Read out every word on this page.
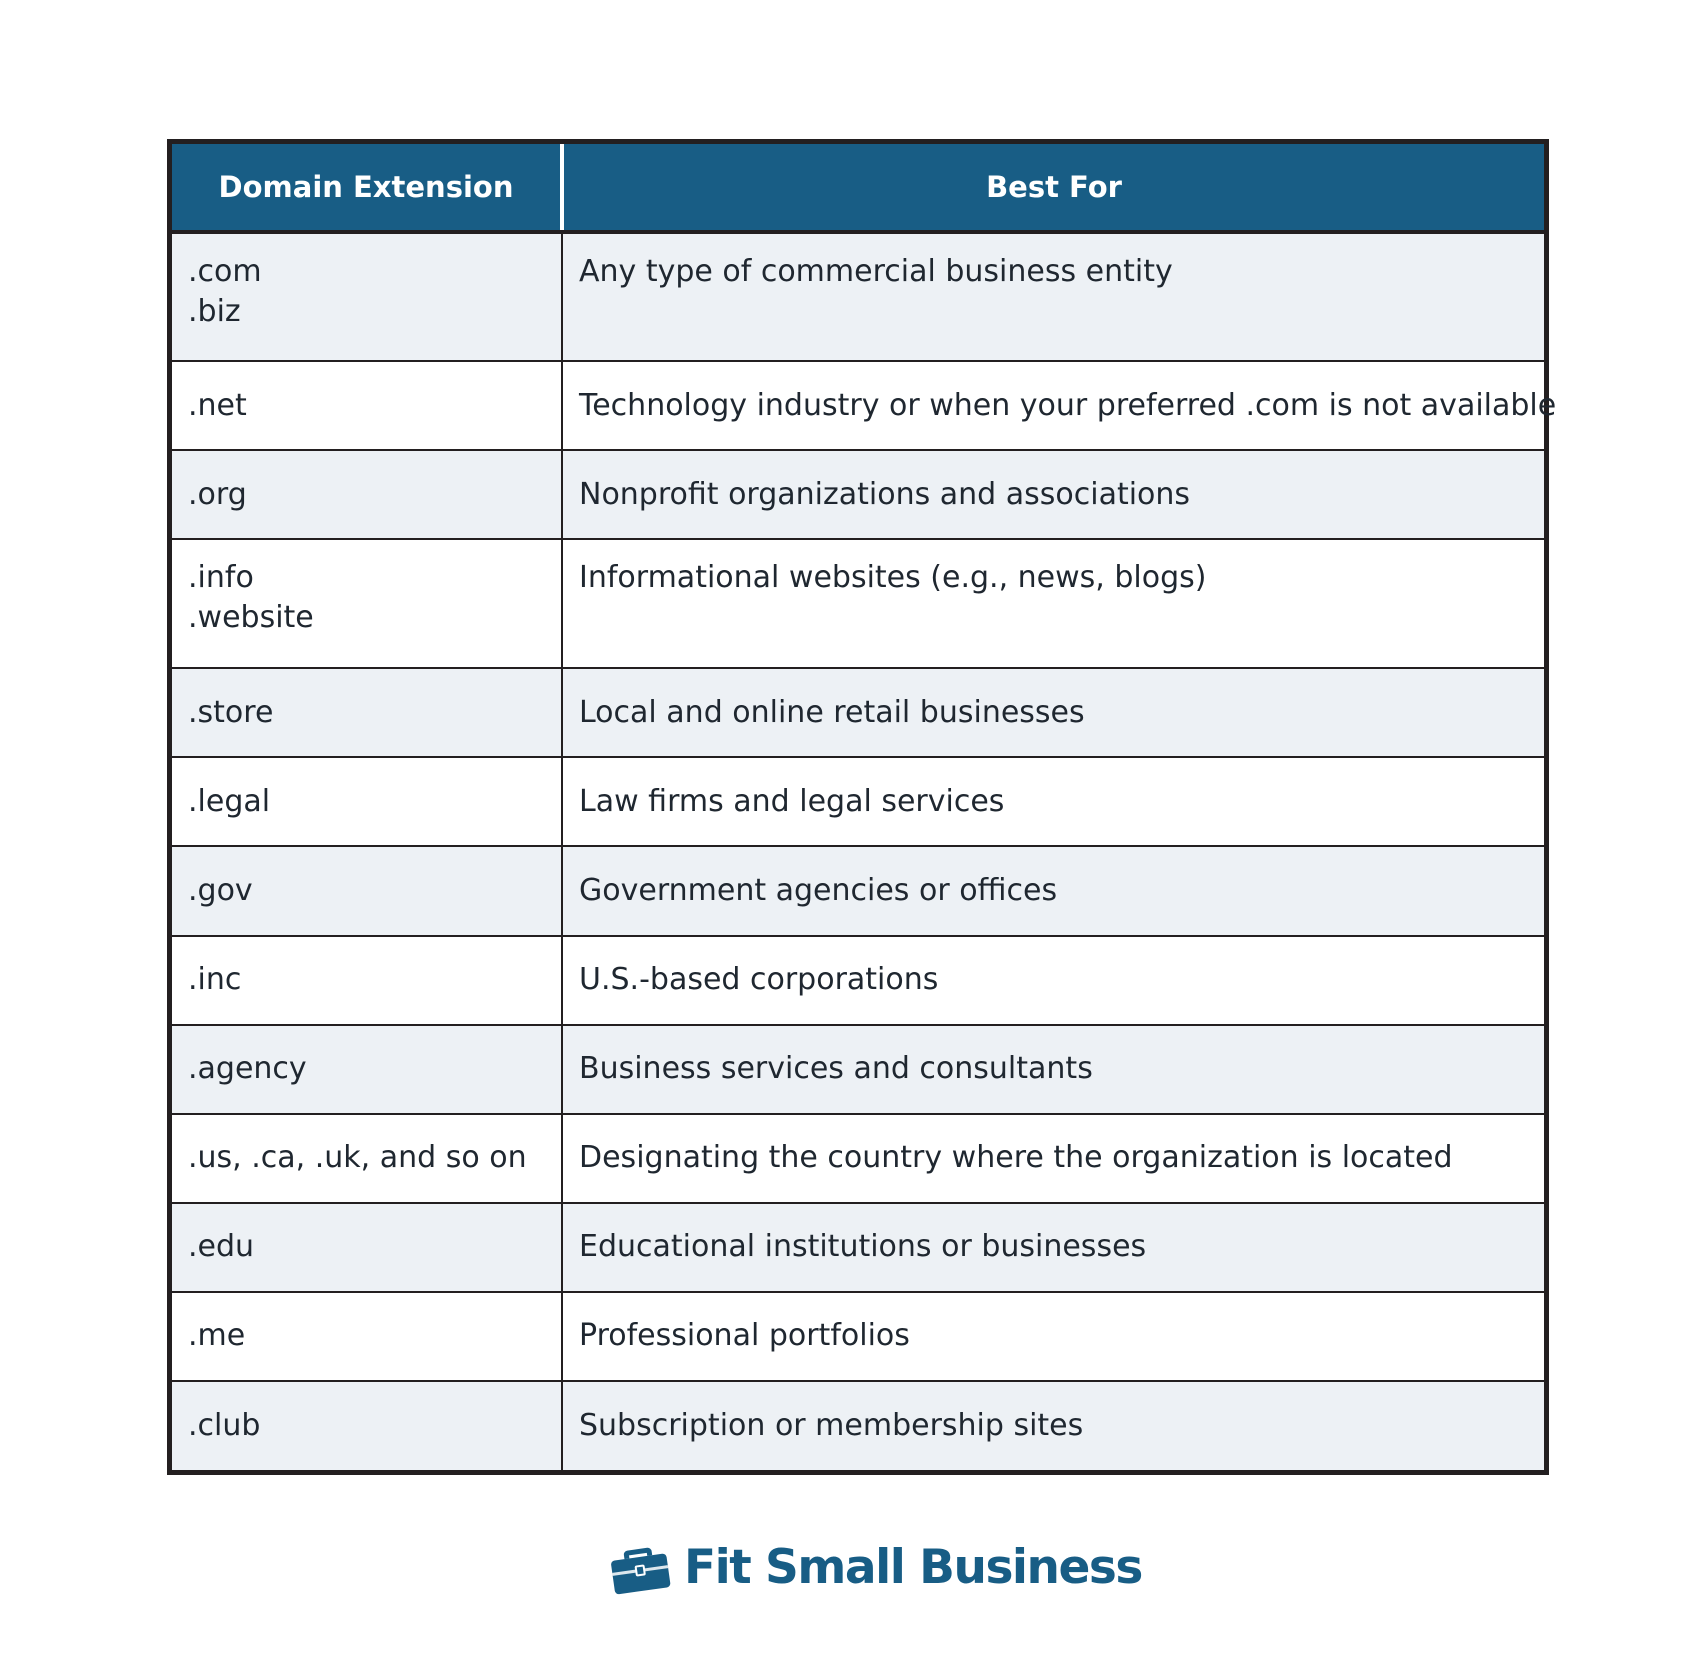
Domain Extension	Best For

.com
.biz	Any type of commercial business entity

.net	Technology industry or when your preferred .com is not available

.org	Nonprofit organizations and associations

.info
.website	Informational websites (e.g., news, blogs)

.store	Local and online retail businesses

.legal	Law firms and legal services

.gov	Government agencies or offices

.inc	U.S.-based corporations

.agency	Business services and consultants

.us, .ca, .uk, and so on	Designating the country where the organization is located

.edu	Educational institutions or businesses

.me	Professional portfolios

.club	Subscription or membership sites
Fit Small Business
